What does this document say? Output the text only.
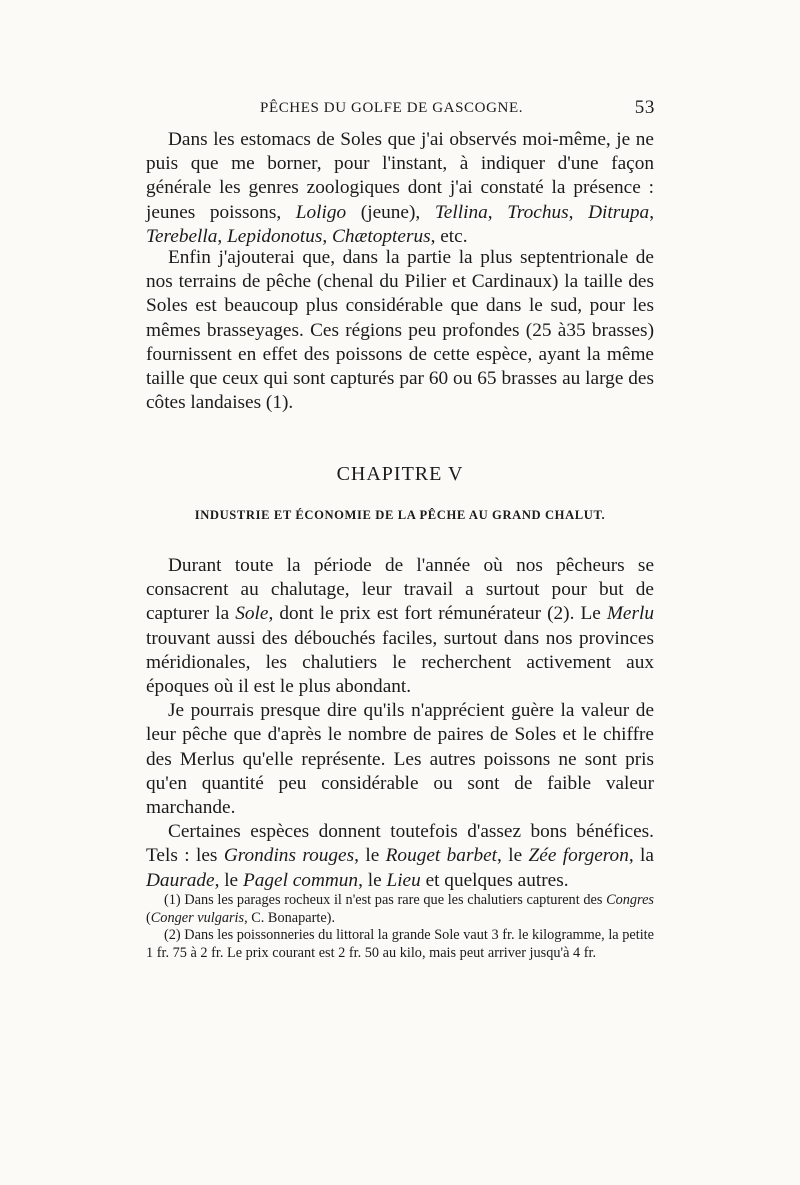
PÊCHES DU GOLFE DE GASCOGNE.	53

Dans les estomacs de Soles que j'ai observés moi-même, je ne puis que me borner, pour l'instant, à indiquer d'une façon générale les genres zoologiques dont j'ai constaté la présence : jeunes poissons, Loligo (jeune), Tellina, Trochus, Ditrupa, Terebella, Lepidonotus, Chætopterus, etc.

Enfin j'ajouterai que, dans la partie la plus septentrionale de nos terrains de pêche (chenal du Pilier et Cardinaux) la taille des Soles est beaucoup plus considérable que dans le sud, pour les mêmes brasseyages. Ces régions peu profondes (25 à35 brasses) fournissent en effet des poissons de cette espèce, ayant la même taille que ceux qui sont capturés par 60 ou 65 brasses au large des côtes landaises (1).

CHAPITRE V
INDUSTRIE ET ÉCONOMIE DE LA PÊCHE AU GRAND CHALUT.

Durant toute la période de l'année où nos pêcheurs se consacrent au chalutage, leur travail a surtout pour but de capturer la Sole, dont le prix est fort rémunérateur (2). Le Merlu trouvant aussi des débouchés faciles, surtout dans nos provinces méridionales, les chalutiers le recherchent activement aux époques où il est le plus abondant.

Je pourrais presque dire qu'ils n'apprécient guère la valeur de leur pêche que d'après le nombre de paires de Soles et le chiffre des Merlus qu'elle représente. Les autres poissons ne sont pris qu'en quantité peu considérable ou sont de faible valeur marchande.

Certaines espèces donnent toutefois d'assez bons bénéfices. Tels : les Grondins rouges, le Rouget barbet, le Zée forgeron, la Daurade, le Pagel commun, le Lieu et quelques autres.

(1) Dans les parages rocheux il n'est pas rare que les chalutiers capturent des Congres (Conger vulgaris, C. Bonaparte).

(2) Dans les poissonneries du littoral la grande Sole vaut 3 fr. le kilogramme, la petite 1 fr. 75 à 2 fr. Le prix courant est 2 fr. 50 au kilo, mais peut arriver jusqu'à 4 fr.
